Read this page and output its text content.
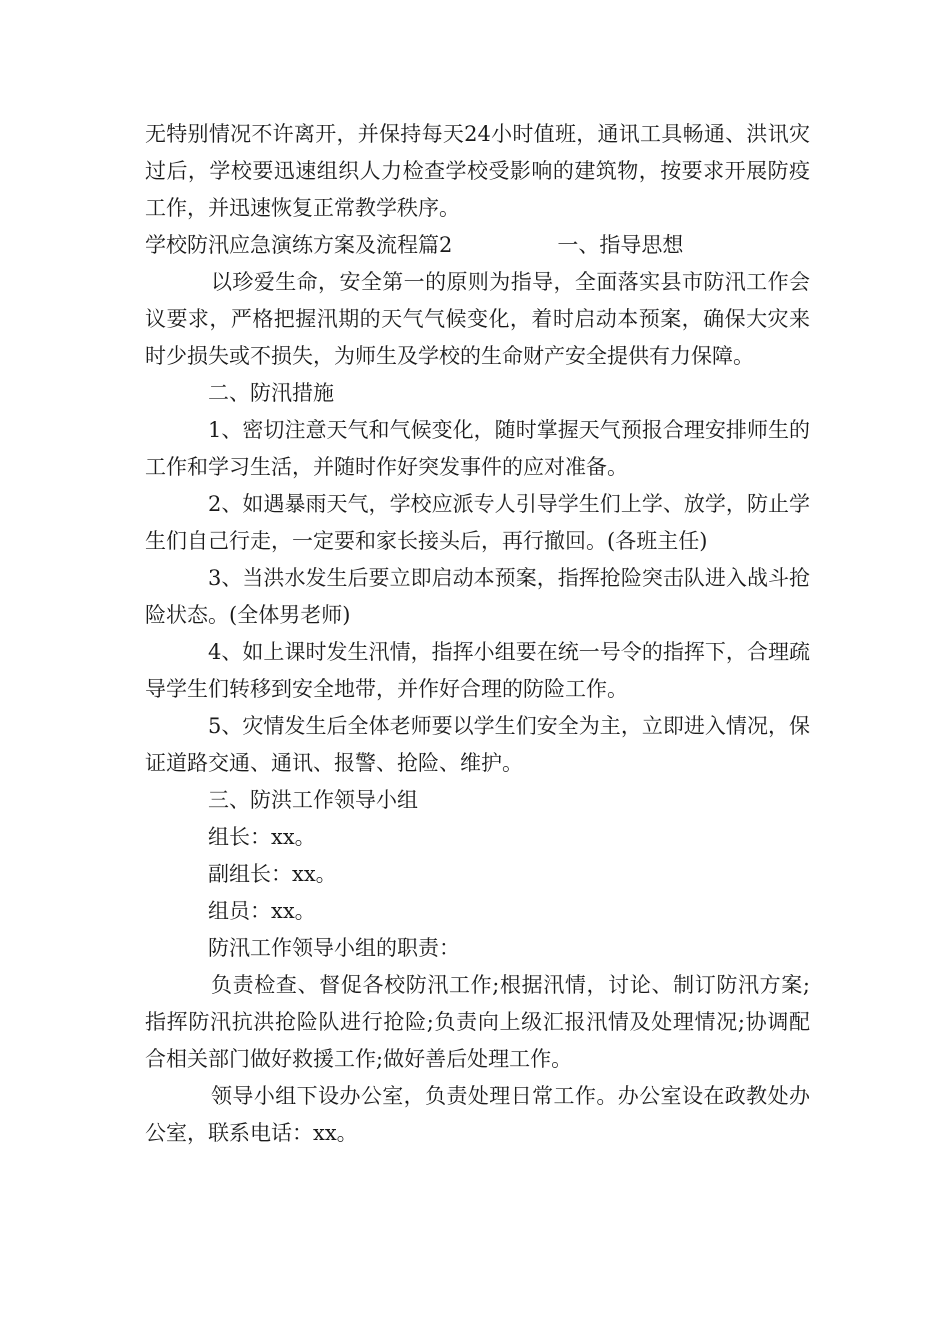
无特别情况不许离开，并保持每天24小时值班，通讯工具畅通、洪讯灾过后，学校要迅速组织人力检查学校受影响的建筑物，按要求开展防疫工作，并迅速恢复正常教学秩序。

学校防汛应急演练方案及流程篇2	一、指导思想

以珍爱生命，安全第一的原则为指导，全面落实县市防汛工作会议要求，严格把握汛期的天气气候变化，着时启动本预案，确保大灾来时少损失或不损失，为师生及学校的生命财产安全提供有力保障。

二、防汛措施

1、密切注意天气和气候变化，随时掌握天气预报合理安排师生的工作和学习生活，并随时作好突发事件的应对准备。

2、如遇暴雨天气，学校应派专人引导学生们上学、放学，防止学生们自己行走，一定要和家长接头后，再行撤回。(各班主任)

3、当洪水发生后要立即启动本预案，指挥抢险突击队进入战斗抢险状态。(全体男老师)

4、如上课时发生汛情，指挥小组要在统一号令的指挥下，合理疏导学生们转移到安全地带，并作好合理的防险工作。

5、灾情发生后全体老师要以学生们安全为主，立即进入情况，保证道路交通、通讯、报警、抢险、维护。

三、防洪工作领导小组

组长：xx。

副组长：xx。

组员：xx。

防汛工作领导小组的职责：

负责检查、督促各校防汛工作;根据汛情，讨论、制订防汛方案;指挥防汛抗洪抢险队进行抢险;负责向上级汇报汛情及处理情况;协调配合相关部门做好救援工作;做好善后处理工作。

领导小组下设办公室，负责处理日常工作。办公室设在政教处办公室，联系电话：xx。
